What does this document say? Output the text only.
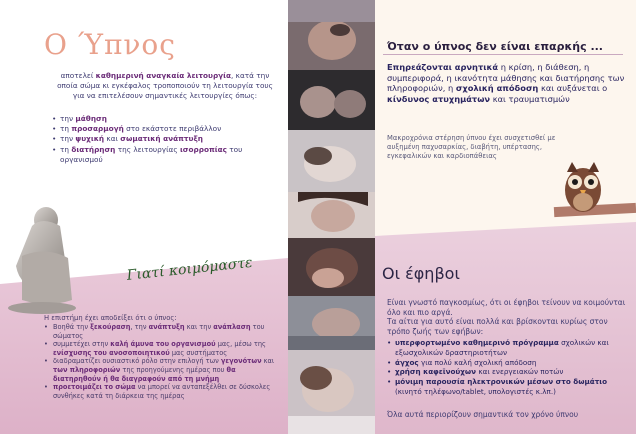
Ο Ύπνος
αποτελεί καθημερινή αναγκαία λειτουργία, κατά την οποία σώμα κι εγκέφαλος τροποποιούν τη λειτουργία τους για να επιτελέσουν σημαντικές λειτουργίες όπως:
• την μάθηση
• τη προσαρμογή στο εκάστοτε περιβάλλον
• την ψυχική και σωματική ανάπτυξη
• τη διατήρηση της λειτουργίας ισορροπίας του οργανισμού
Γιατί κοιμόμαστε
Η επιστήμη έχει αποδείξει ότι ο ύπνος:
• Βοηθά την ξεκούραση, την ανάπτυξη και την ανάπλαση του σώματος
• συμμετέχει στην καλή άμυνα του οργανισμού μας, μέσω της ενίσχυσης του ανοσοποιητικού μας συστήματος
• διαδραματίζει ουσιαστικό ρόλο στην επιλογή των γεγονότων και των πληροφοριών της προηγούμενης ημέρας που θα διατηρηθούν ή θα διαγραφούν από τη μνήμη
• προετοιμάζει το σώμα να μπορεί να ανταπεξέλθει σε δύσκολες συνθήκες κατά τη διάρκεια της ημέρας
Όταν ο ύπνος δεν είναι επαρκής ...
Επηρεάζονται αρνητικά η κρίση, η διάθεση, η συμπεριφορά, η ικανότητα μάθησης και διατήρησης των πληροφοριών, η σχολική απόδοση και αυξάνεται ο κίνδυνος ατυχημάτων και τραυματισμών
Μακροχρόνια στέρηση ύπνου έχει συσχετισθεί με αυξημένη παχυσαρκίας, διαβήτη, υπέρτασης, εγκεφαλικών και καρδιοπάθειας
Οι έφηβοι
Είναι γνωστό παγκοσμίως, ότι οι έφηβοι τείνουν να κοιμούνται όλο και πιο αργά.
Τα αίτια για αυτό είναι πολλά και βρίσκονται κυρίως στον τρόπο ζωής των εφήβων:
• υπερφορτωμένο καθημερινό πρόγραμμα σχολικών και εξωσχολικών δραστηριοτήτων
• άγχος για πολύ καλή σχολική απόδοση
• χρήση καφεϊνούχων και ενεργειακών ποτών
• μόνιμη παρουσία ηλεκτρονικών μέσων στο δωμάτιο (κινητό τηλέφωνο/tablet, υπολογιστές κ.λπ.)
Όλα αυτά περιορίζουν σημαντικά τον χρόνο ύπνου
